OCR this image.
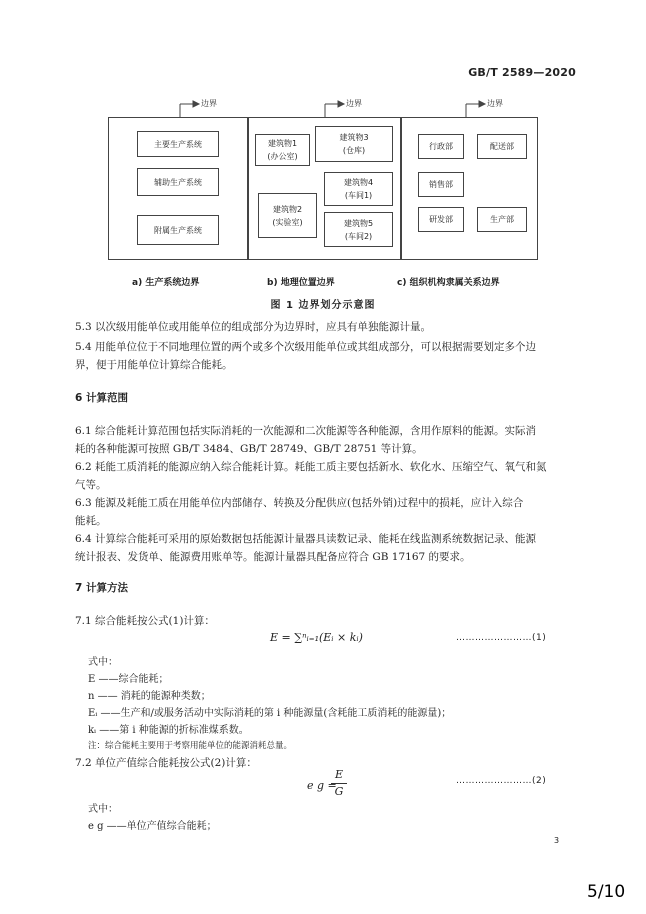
GB/T 2589—2020
边界	边界	边界
主要生产系统
辅助生产系统
附属生产系统
建筑物1
(办公室)
建筑物3
(仓库)
建筑物4
(车间1)
建筑物2
(实验室)	建筑物5
(车间2)
行政部	配送部
销售部
研发部	生产部
a) 生产系统边界	b) 地理位置边界	c) 组织机构隶属关系边界
图 1 边界划分示意图
5.3 以次级用能单位或用能单位的组成部分为边界时，应具有单独能源计量。
5.4 用能单位位于不同地理位置的两个或多个次级用能单位或其组成部分，可以根据需要划定多个边
界，便于用能单位计算综合能耗。
6 计算范围
6.1 综合能耗计算范围包括实际消耗的一次能源和二次能源等各种能源，含用作原料的能源。实际消
耗的各种能源可按照 GB/T 3484、GB/T 28749、GB/T 28751 等计算。
6.2 耗能工质消耗的能源应纳入综合能耗计算。耗能工质主要包括新水、软化水、压缩空气、氧气和氮
气等。
6.3 能源及耗能工质在用能单位内部储存、转换及分配供应(包括外销)过程中的损耗，应计入综合
能耗。
6.4 计算综合能耗可采用的原始数据包括能源计量器具读数记录、能耗在线监测系统数据记录、能源
统计报表、发货单、能源费用账单等。能源计量器具配备应符合 GB 17167 的要求。
7 计算方法
7.1 综合能耗按公式(1)计算：
E = ∑ⁿᵢ₌₁(Eᵢ × kᵢ)	……………………(1)
式中：
E ——综合能耗；
n —— 消耗的能源种类数；
Eᵢ ——生产和/或服务活动中实际消耗的第 i 种能源量(含耗能工质消耗的能源量)；
kᵢ ——第 i 种能源的折标准煤系数。
注：综合能耗主要用于考察用能单位的能源消耗总量。
7.2 单位产值综合能耗按公式(2)计算：
e g =
E
G
……………………(2)
式中：
e g ——单位产值综合能耗；
3
5/10
